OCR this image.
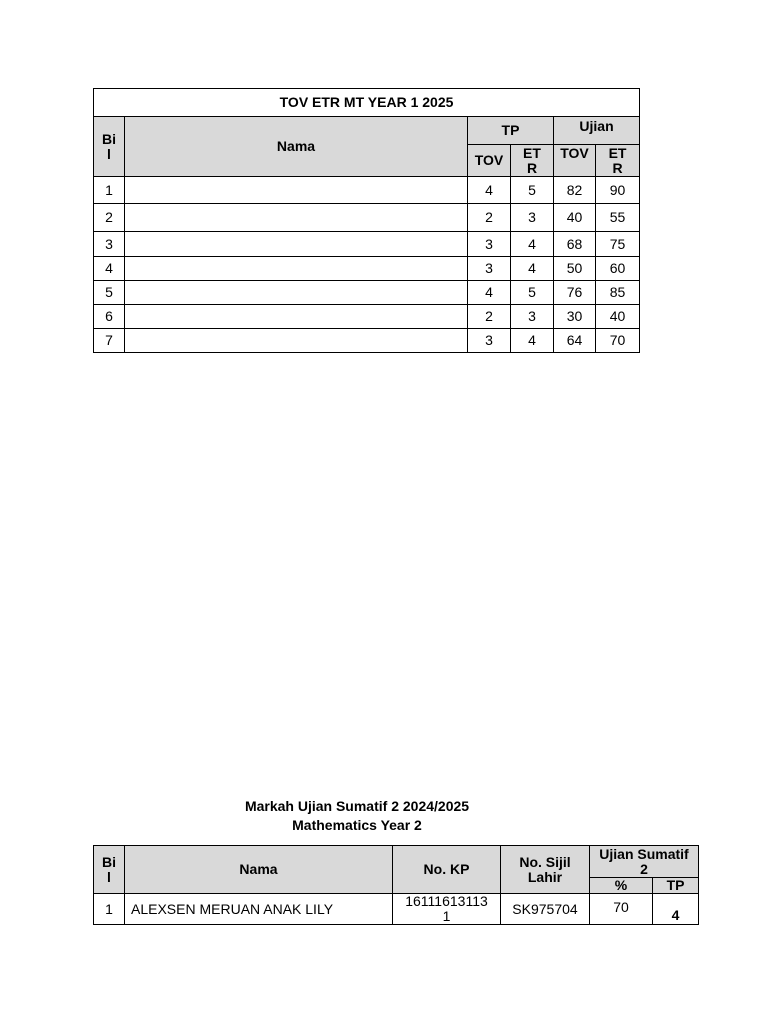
TOV ETR MT YEAR 1 2025					
Bil	Nama	TP		Ujian	
		TOV	ETR	TOV	ETR
1		4	5	82	90
2		2	3	40	55
3		3	4	68	75
4		3	4	50	60
5		4	5	76	85
6		2	3	30	40
7		3	4	64	70
Markah Ujian Sumatif 2 2024/2025
Mathematics Year 2
Bil	Nama	No. KP	No. Sijil Lahir	Ujian Sumatif 2	
				%	TP
1	ALEXSEN MERUAN ANAK LILY	161116131131	SK975704	70	4
